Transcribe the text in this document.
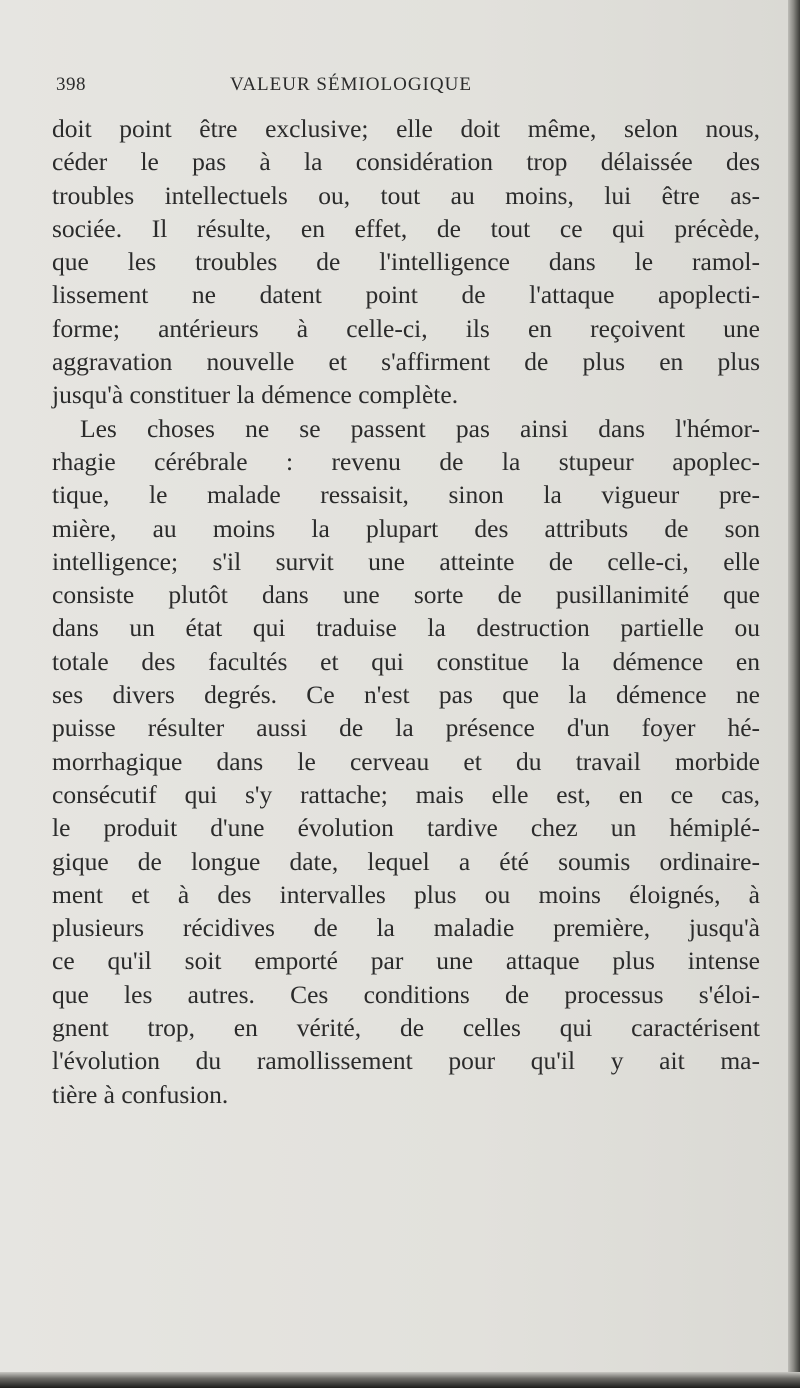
398	VALEUR SÉMIOLOGIQUE
doit point être exclusive; elle doit même, selon nous,
céder le pas à la considération trop délaissée des
troubles intellectuels ou, tout au moins, lui être as-
sociée. Il résulte, en effet, de tout ce qui précède,
que les troubles de l'intelligence dans le ramol-
lissement ne datent point de l'attaque apoplecti-
forme; antérieurs à celle-ci, ils en reçoivent une
aggravation nouvelle et s'affirment de plus en plus
jusqu'à constituer la démence complète.
Les choses ne se passent pas ainsi dans l'hémor-
rhagie cérébrale : revenu de la stupeur apoplec-
tique, le malade ressaisit, sinon la vigueur pre-
mière, au moins la plupart des attributs de son
intelligence; s'il survit une atteinte de celle-ci, elle
consiste plutôt dans une sorte de pusillanimité que
dans un état qui traduise la destruction partielle ou
totale des facultés et qui constitue la démence en
ses divers degrés. Ce n'est pas que la démence ne
puisse résulter aussi de la présence d'un foyer hé-
morrhagique dans le cerveau et du travail morbide
consécutif qui s'y rattache; mais elle est, en ce cas,
le produit d'une évolution tardive chez un hémiplé-
gique de longue date, lequel a été soumis ordinaire-
ment et à des intervalles plus ou moins éloignés, à
plusieurs récidives de la maladie première, jusqu'à
ce qu'il soit emporté par une attaque plus intense
que les autres. Ces conditions de processus s'éloi-
gnent trop, en vérité, de celles qui caractérisent
l'évolution du ramollissement pour qu'il y ait ma-
tière à confusion.
